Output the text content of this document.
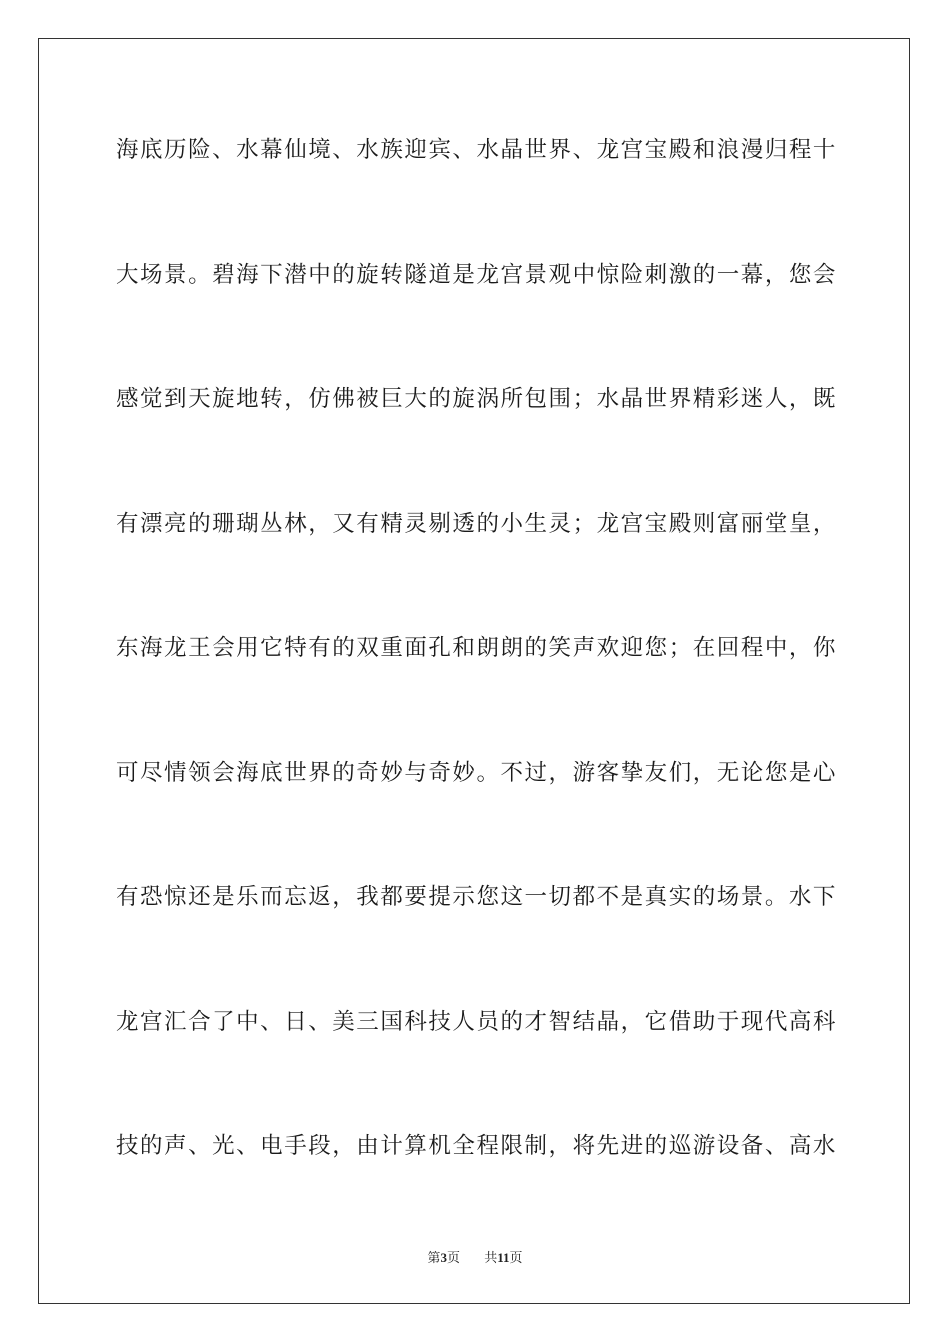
海底历险、水幕仙境、水族迎宾、水晶世界、龙宫宝殿和浪漫归程十
大场景。碧海下潜中的旋转隧道是龙宫景观中惊险刺激的一幕，您会
感觉到天旋地转，仿佛被巨大的旋涡所包围；水晶世界精彩迷人，既
有漂亮的珊瑚丛林，又有精灵剔透的小生灵；龙宫宝殿则富丽堂皇，
东海龙王会用它特有的双重面孔和朗朗的笑声欢迎您；在回程中，你
可尽情领会海底世界的奇妙与奇妙。不过，游客挚友们，无论您是心
有恐惊还是乐而忘返，我都要提示您这一切都不是真实的场景。水下
龙宫汇合了中、日、美三国科技人员的才智结晶，它借助于现代高科
技的声、光、电手段，由计算机全程限制，将先进的巡游设备、高水
第3页 共11页
